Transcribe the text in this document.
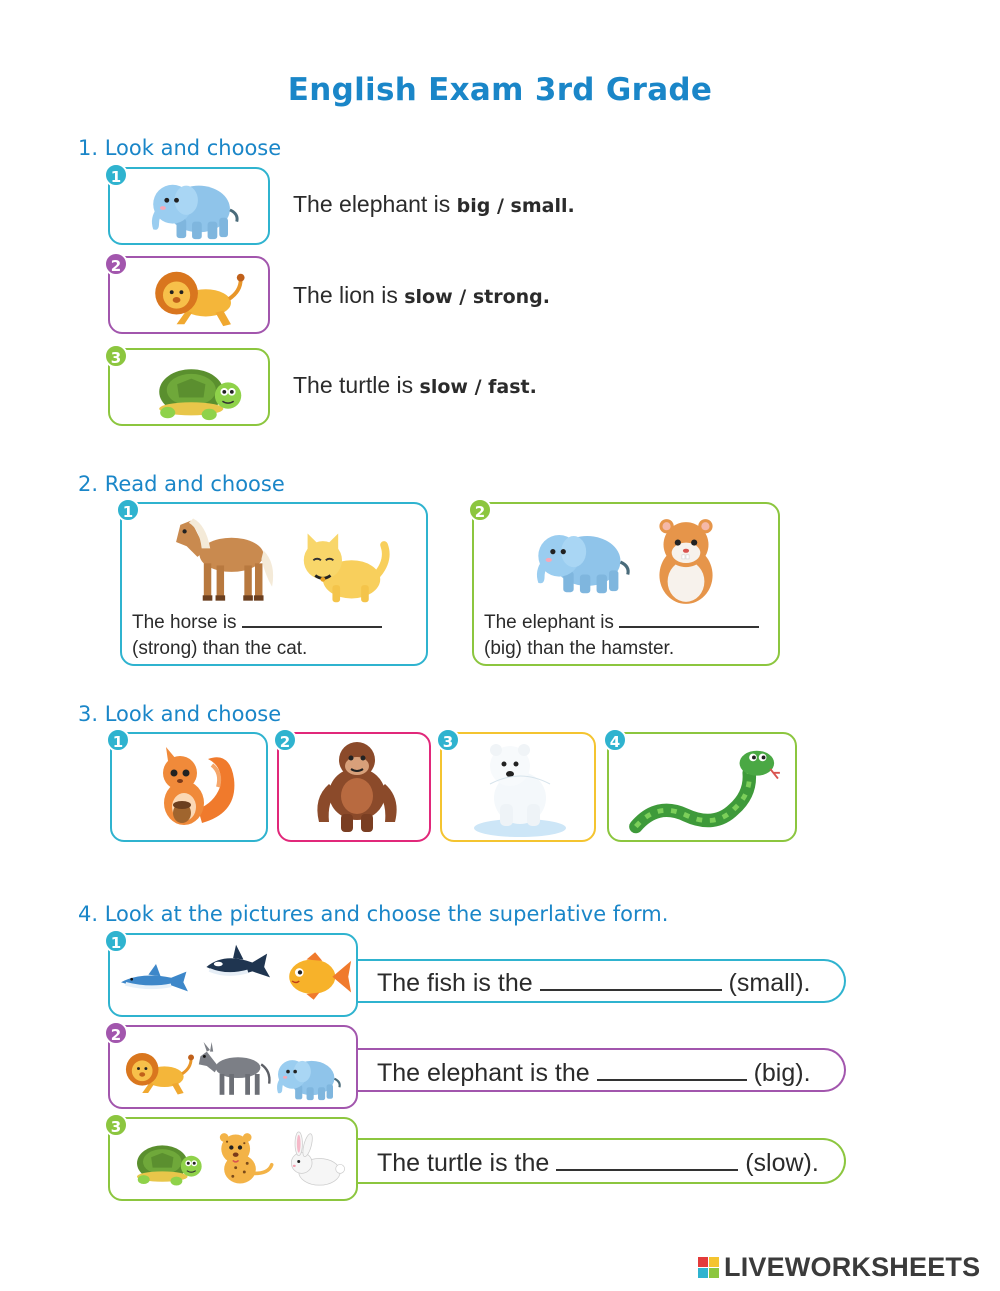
English Exam 3rd Grade
1. Look and choose
1
The elephant is big / small.
2
The lion is slow / strong.
3
The turtle is slow / fast.
2. Read and choose
1
The horse is
(strong) than the cat.
2
The elephant is
(big) than the hamster.
3. Look and choose
1	2	3	4
4. Look at the pictures and choose the superlative form.
1
The fish is the	(small).
2
The elephant is the	(big).
3
The turtle is the	(slow).
LIVEWORKSHEETS
